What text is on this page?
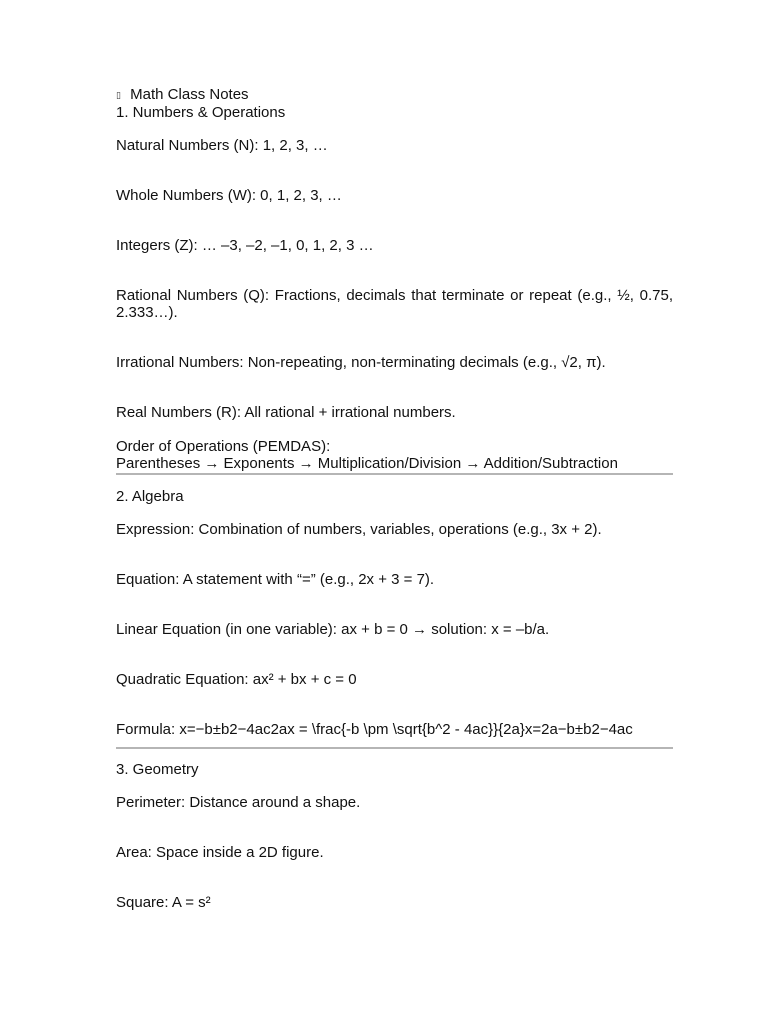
▯ Math Class Notes
1. Numbers & Operations
Natural Numbers (N): 1, 2, 3, …
Whole Numbers (W): 0, 1, 2, 3, …
Integers (Z): … –3, –2, –1, 0, 1, 2, 3 …
Rational Numbers (Q): Fractions, decimals that terminate or repeat (e.g., ½, 0.75, 2.333…).
Irrational Numbers: Non-repeating, non-terminating decimals (e.g., √2, π).
Real Numbers (R): All rational + irrational numbers.
Order of Operations (PEMDAS):
Parentheses → Exponents → Multiplication/Division → Addition/Subtraction
2. Algebra
Expression: Combination of numbers, variables, operations (e.g., 3x + 2).
Equation: A statement with “=” (e.g., 2x + 3 = 7).
Linear Equation (in one variable): ax + b = 0 → solution: x = –b/a.
Quadratic Equation: ax² + bx + c = 0
Formula: x=−b±b2−4ac2ax = \frac{-b \pm \sqrt{b^2 - 4ac}}{2a}x=2a−b±b2−4ac
3. Geometry
Perimeter: Distance around a shape.
Area: Space inside a 2D figure.
Square: A = s²
